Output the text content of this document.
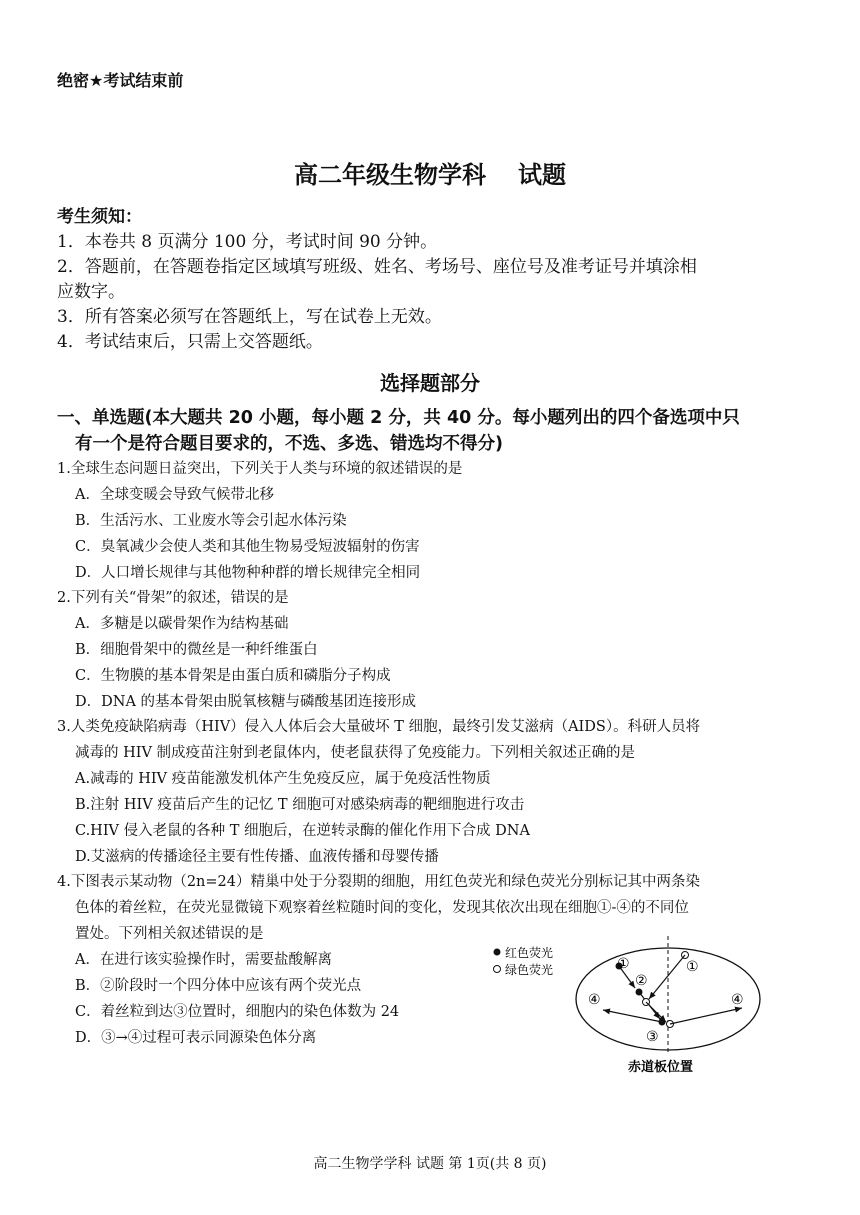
绝密★考试结束前
高二年级生物学科 试题
考生须知：
1．本卷共 8 页满分 100 分，考试时间 90 分钟。
2．答题前，在答题卷指定区域填写班级、姓名、考场号、座位号及准考证号并填涂相
应数字。
3．所有答案必须写在答题纸上，写在试卷上无效。
4．考试结束后，只需上交答题纸。
选择题部分
一、单选题(本大题共 20 小题，每小题 2 分，共 40 分。每小题列出的四个备选项中只
有一个是符合题目要求的，不选、多选、错选均不得分)
1.全球生态问题日益突出，下列关于人类与环境的叙述错误的是
A．全球变暖会导致气候带北移
B．生活污水、工业废水等会引起水体污染
C．臭氧减少会使人类和其他生物易受短波辐射的伤害
D．人口增长规律与其他物种种群的增长规律完全相同
2.下列有关“骨架”的叙述，错误的是
A．多糖是以碳骨架作为结构基础
B．细胞骨架中的微丝是一种纤维蛋白
C．生物膜的基本骨架是由蛋白质和磷脂分子构成
D．DNA 的基本骨架由脱氧核糖与磷酸基团连接形成
3.人类免疫缺陷病毒（HIV）侵入人体后会大量破坏 T 细胞，最终引发艾滋病（AIDS）。科研人员将
减毒的 HIV 制成疫苗注射到老鼠体内，使老鼠获得了免疫能力。下列相关叙述正确的是
A.减毒的 HIV 疫苗能激发机体产生免疫反应，属于免疫活性物质
B.注射 HIV 疫苗后产生的记忆 T 细胞可对感染病毒的靶细胞进行攻击
C.HIV 侵入老鼠的各种 T 细胞后，在逆转录酶的催化作用下合成 DNA
D.艾滋病的传播途径主要有性传播、血液传播和母婴传播
4.下图表示某动物（2n=24）精巢中处于分裂期的细胞，用红色荧光和绿色荧光分别标记其中两条染
色体的着丝粒，在荧光显微镜下观察着丝粒随时间的变化，发现其依次出现在细胞①-④的不同位
置处。下列相关叙述错误的是
A．在进行该实验操作时，需要盐酸解离
B．②阶段时一个四分体中应该有两个荧光点
C．着丝粒到达③位置时，细胞内的染色体数为 24
D．③→④过程可表示同源染色体分离
红色荧光
绿色荧光	①	①
②
④	④
③
赤道板位置
高二生物学学科 试题 第 1页(共 8 页)
